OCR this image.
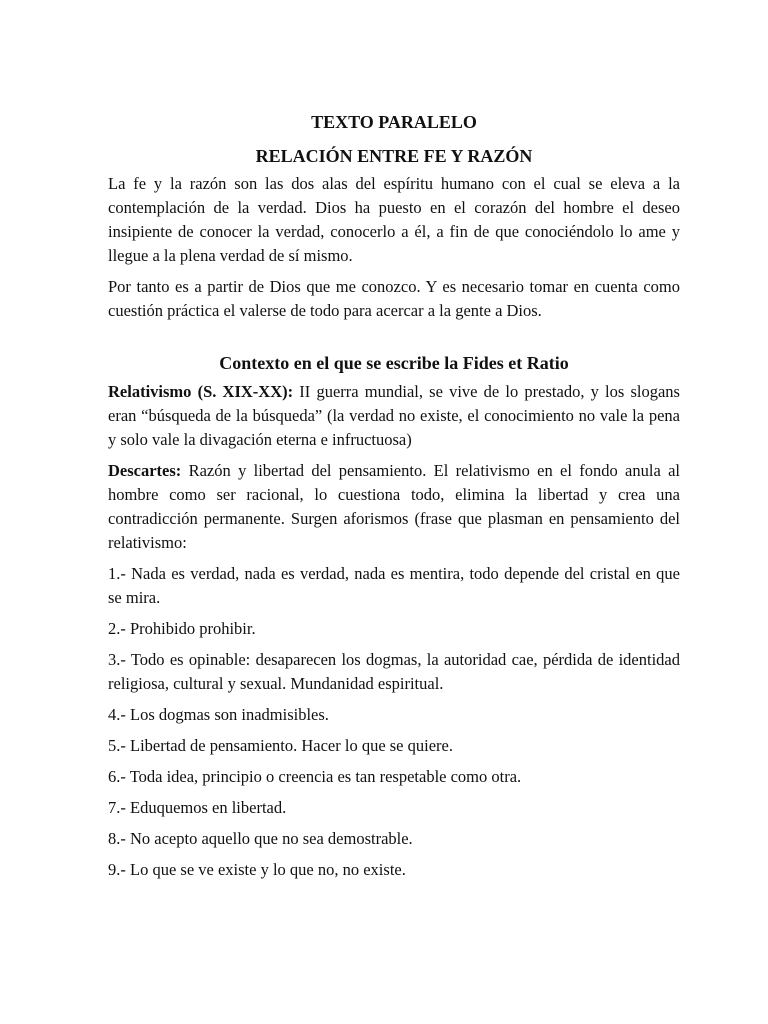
TEXTO PARALELO
RELACIÓN ENTRE FE Y RAZÓN

La fe y la razón son las dos alas del espíritu humano con el cual se eleva a la contemplación de la verdad. Dios ha puesto en el corazón del hombre el deseo insipiente de conocer la verdad, conocerlo a él, a fin de que conociéndolo lo ame y llegue a la plena verdad de sí mismo.

Por tanto es a partir de Dios que me conozco. Y es necesario tomar en cuenta como cuestión práctica el valerse de todo para acercar a la gente a Dios.

Contexto en el que se escribe la Fides et Ratio

Relativismo (S. XIX-XX): II guerra mundial, se vive de lo prestado, y los slogans eran “búsqueda de la búsqueda” (la verdad no existe, el conocimiento no vale la pena y solo vale la divagación eterna e infructuosa)

Descartes: Razón y libertad del pensamiento. El relativismo en el fondo anula al hombre como ser racional, lo cuestiona todo, elimina la libertad y crea una contradicción permanente. Surgen aforismos (frase que plasman en pensamiento del relativismo:

1.- Nada es verdad, nada es verdad, nada es mentira, todo depende del cristal en que se mira.

2.- Prohibido prohibir.

3.- Todo es opinable: desaparecen los dogmas, la autoridad cae, pérdida de identidad religiosa, cultural y sexual. Mundanidad espiritual.

4.- Los dogmas son inadmisibles.

5.- Libertad de pensamiento. Hacer lo que se quiere.

6.- Toda idea, principio o creencia es tan respetable como otra.

7.- Eduquemos en libertad.

8.- No acepto aquello que no sea demostrable.

9.- Lo que se ve existe y lo que no, no existe.
